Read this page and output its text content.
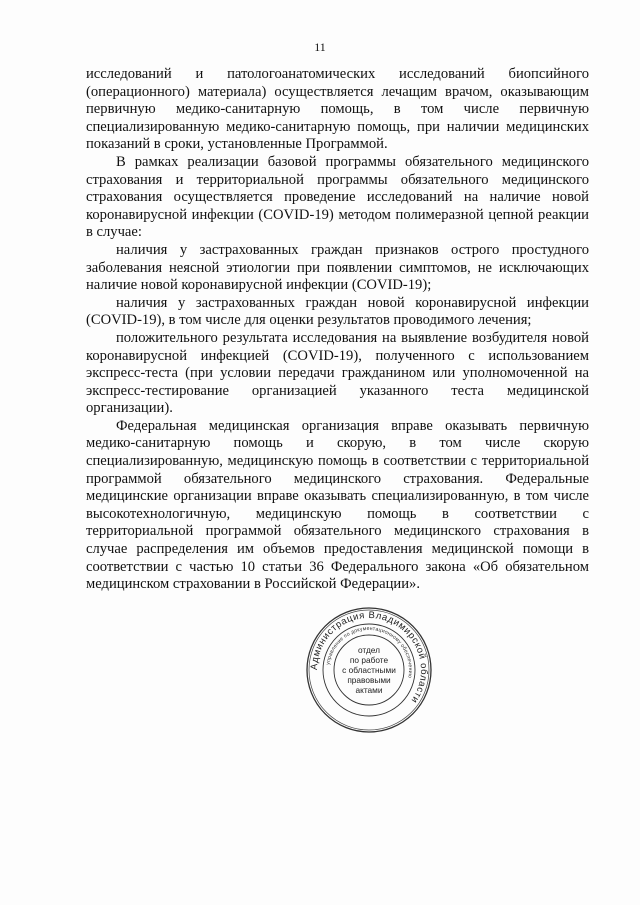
11

исследований и патологоанатомических исследований биопсийного (операционного) материала) осуществляется лечащим врачом, оказывающим первичную медико-санитарную помощь, в том числе первичную специализированную медико-санитарную помощь, при наличии медицинских показаний в сроки, установленные Программой.

В рамках реализации базовой программы обязательного медицинского страхования и территориальной программы обязательного медицинского страхования осуществляется проведение исследований на наличие новой коронавирусной инфекции (COVID-19) методом полимеразной цепной реакции в случае:

наличия у застрахованных граждан признаков острого простудного заболевания неясной этиологии при появлении симптомов, не исключающих наличие новой коронавирусной инфекции (COVID-19);

наличия у застрахованных граждан новой коронавирусной инфекции (COVID-19), в том числе для оценки результатов проводимого лечения;

положительного результата исследования на выявление возбудителя новой коронавирусной инфекцией (COVID-19), полученного с использованием экспресс-теста (при условии передачи гражданином или уполномоченной на экспресс-тестирование организацией указанного теста медицинской организации).

Федеральная медицинская организация вправе оказывать первичную медико-санитарную помощь и скорую, в том числе скорую специализированную, медицинскую помощь в соответствии с территориальной программой обязательного медицинского страхования. Федеральные медицинские организации вправе оказывать специализированную, в том числе высокотехнологичную, медицинскую помощь в соответствии с территориальной программой обязательного медицинского страхования в случае распределения им объемов предоставления медицинской помощи в соответствии с частью 10 статьи 36 Федерального закона «Об обязательном медицинском страховании в Российской Федерации».

Администрация Владимирской области
управление по документационному обеспечению
отдел
по работе
с областными
правовыми
актами
